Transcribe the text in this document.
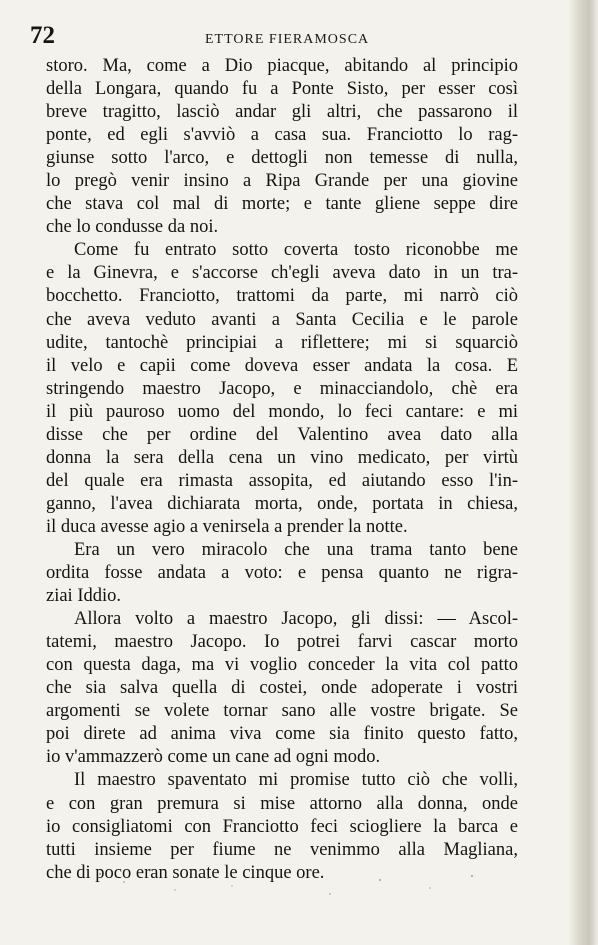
72	ETTORE FIERAMOSCA
storo. Ma, come a Dio piacque, abitando al principio
della Longara, quando fu a Ponte Sisto, per esser così
breve tragitto, lasciò andar gli altri, che passarono il
ponte, ed egli s'avviò a casa sua. Franciotto lo rag-
giunse sotto l'arco, e dettogli non temesse di nulla,
lo pregò venir insino a Ripa Grande per una giovine
che stava col mal di morte; e tante gliene seppe dire
che lo condusse da noi.
Come fu entrato sotto coverta tosto riconobbe me
e la Ginevra, e s'accorse ch'egli aveva dato in un tra-
bocchetto. Franciotto, trattomi da parte, mi narrò ciò
che aveva veduto avanti a Santa Cecilia e le parole
udite, tantochè principiai a riflettere; mi si squarciò
il velo e capii come doveva esser andata la cosa. E
stringendo maestro Jacopo, e minacciandolo, chè era
il più pauroso uomo del mondo, lo feci cantare: e mi
disse che per ordine del Valentino avea dato alla
donna la sera della cena un vino medicato, per virtù
del quale era rimasta assopita, ed aiutando esso l'in-
ganno, l'avea dichiarata morta, onde, portata in chiesa,
il duca avesse agio a venirsela a prender la notte.
Era un vero miracolo che una trama tanto bene
ordita fosse andata a voto: e pensa quanto ne rigra-
ziai Iddio.
Allora volto a maestro Jacopo, gli dissi: — Ascol-
tatemi, maestro Jacopo. Io potrei farvi cascar morto
con questa daga, ma vi voglio conceder la vita col patto
che sia salva quella di costei, onde adoperate i vostri
argomenti se volete tornar sano alle vostre brigate. Se
poi direte ad anima viva come sia finito questo fatto,
io v'ammazzerò come un cane ad ogni modo.
Il maestro spaventato mi promise tutto ciò che volli,
e con gran premura si mise attorno alla donna, onde
io consigliatomi con Franciotto feci sciogliere la barca e
tutti insieme per fiume ne venimmo alla Magliana,
che di poco eran sonate le cinque ore.
